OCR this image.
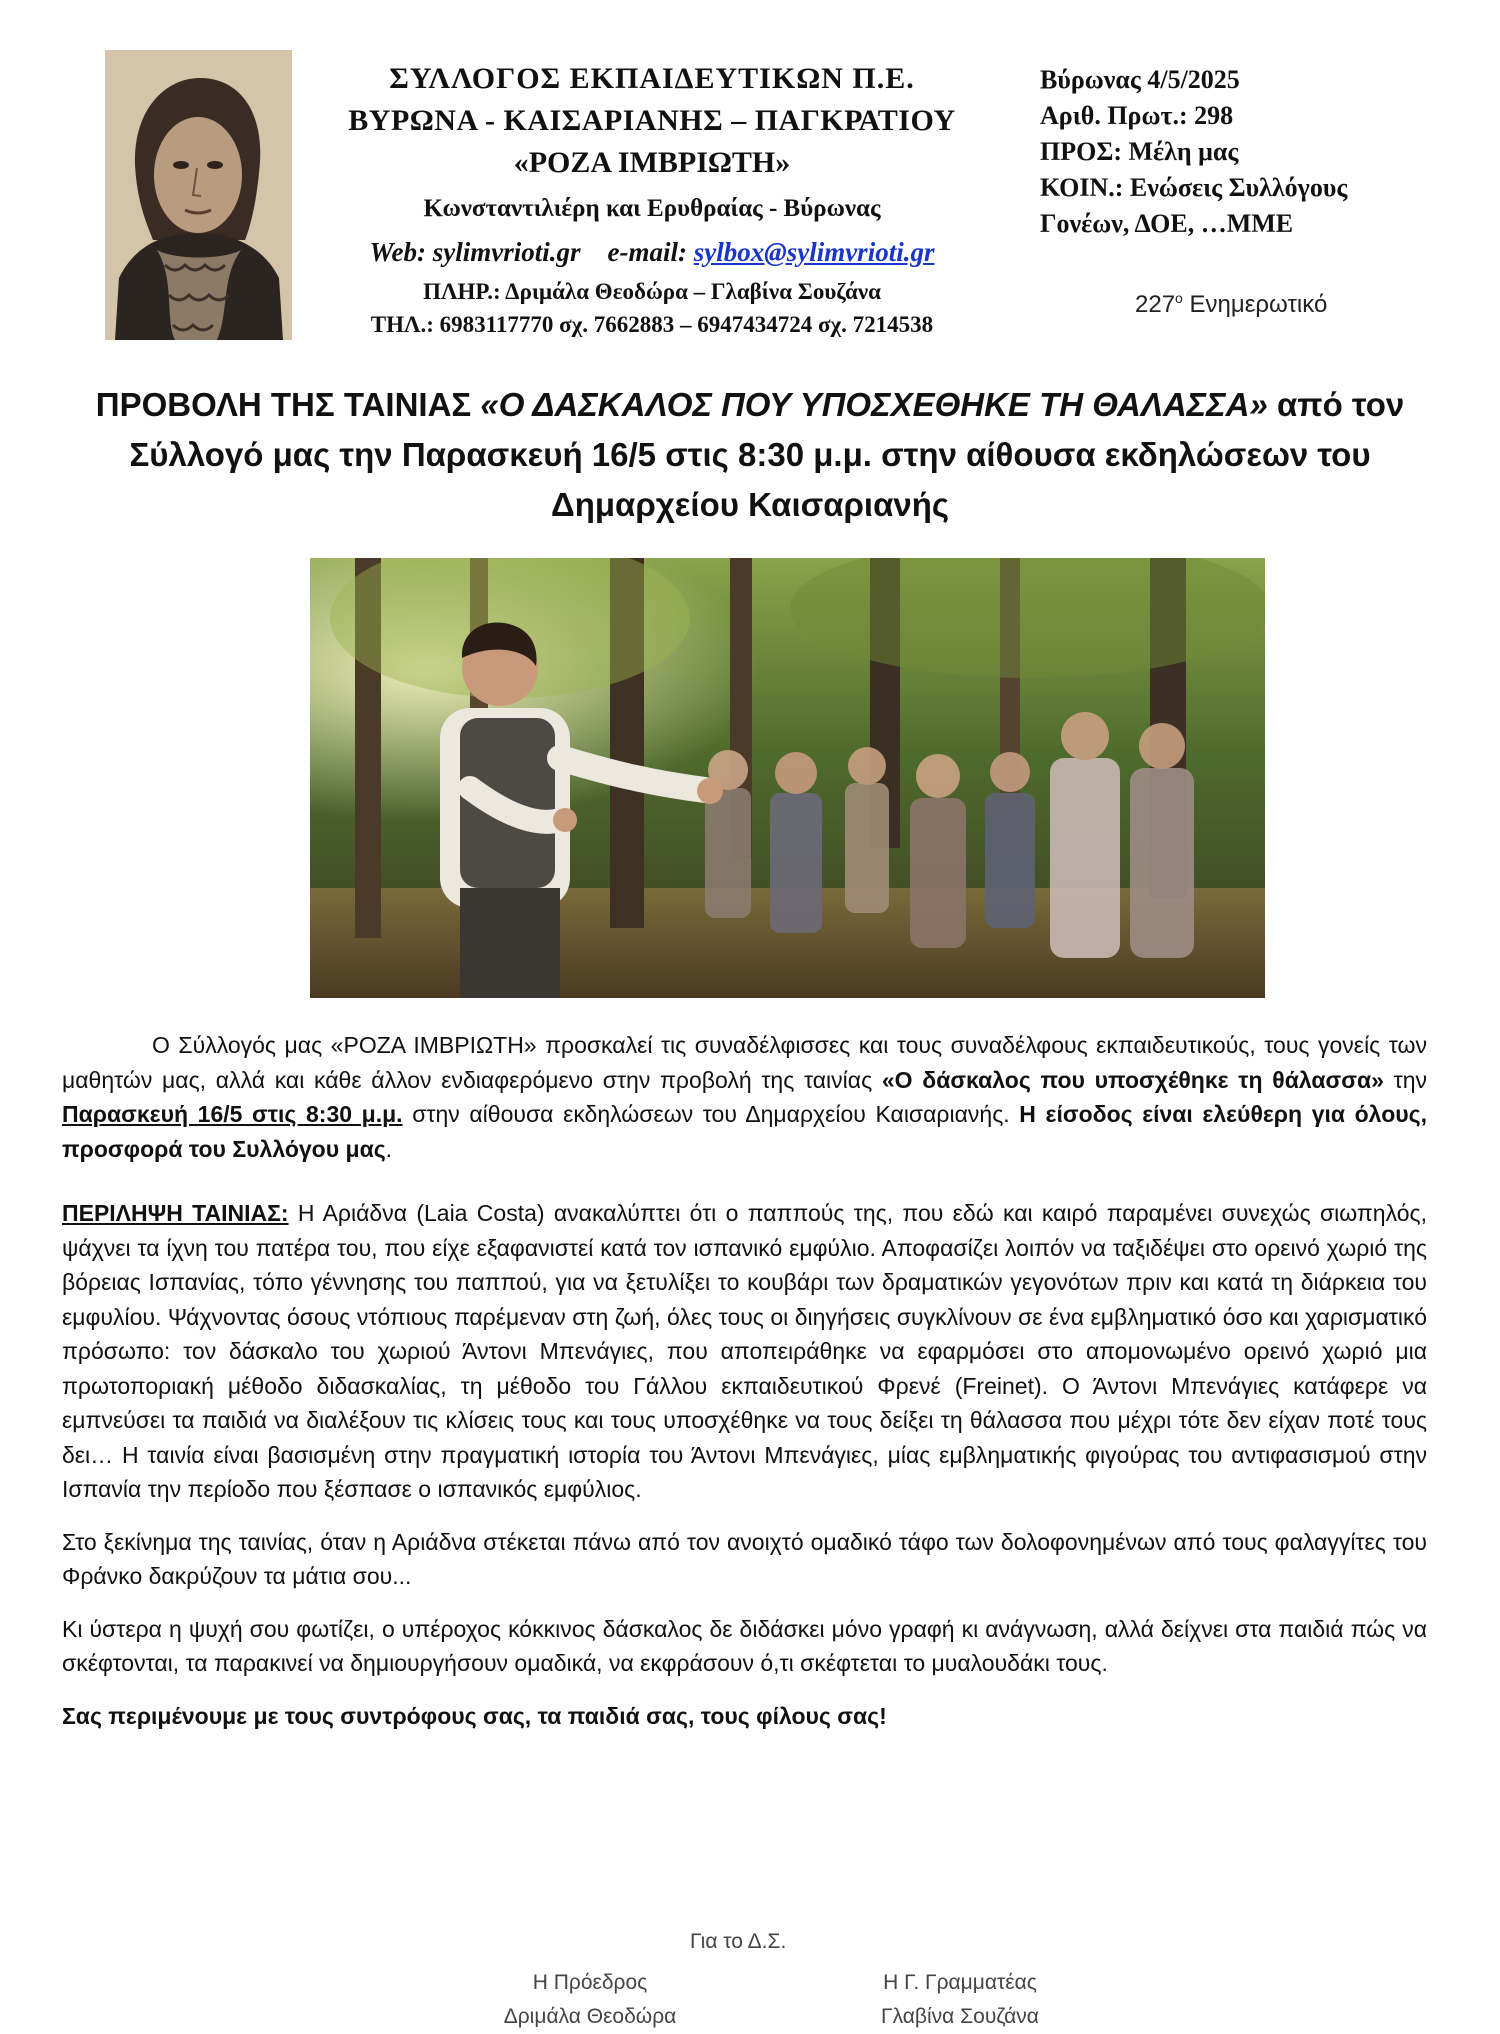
ΣΥΛΛΟΓΟΣ ΕΚΠΑΙΔΕΥΤΙΚΩΝ Π.Ε.
ΒΥΡΩΝΑ - ΚΑΙΣΑΡΙΑΝΗΣ – ΠΑΓΚΡΑΤΙΟΥ
«ΡΟΖΑ ΙΜΒΡΙΩΤΗ»
Κωνσταντιλιέρη και Ερυθραίας - Βύρωνας
Web: sylimvrioti.gr e-mail: sylbox@sylimvrioti.gr
ΠΛΗΡ.: Δριμάλα Θεοδώρα – Γλαβίνα Σουζάνα
ΤΗΛ.: 6983117770 σχ. 7662883 – 6947434724 σχ. 7214538
Βύρωνας 4/5/2025
Αριθ. Πρωτ.: 298
ΠΡΟΣ: Μέλη μας
ΚΟΙΝ.: Ενώσεις Συλλόγους
Γονέων, ΔΟΕ, …ΜΜΕ
$227^o$ Ενημερωτικό
ΠΡΟΒΟΛΗ ΤΗΣ ΤΑΙΝΙΑΣ «Ο ΔΑΣΚΑΛΟΣ ΠΟΥ ΥΠΟΣΧΕΘΗΚΕ ΤΗ ΘΑΛΑΣΣΑ» από τον Σύλλογό μας την Παρασκευή 16/5 στις 8:30 μ.μ. στην αίθουσα εκδηλώσεων του Δημαρχείου Καισαριανής

Ο Σύλλογός μας «ΡΟΖΑ ΙΜΒΡΙΩΤΗ» προσκαλεί τις συναδέλφισσες και τους συναδέλφους εκπαιδευτικούς, τους γονείς των μαθητών μας, αλλά και κάθε άλλον ενδιαφερόμενο στην προβολή της ταινίας «Ο δάσκαλος που υποσχέθηκε τη θάλασσα» την Παρασκευή 16/5 στις 8:30 μ.μ. στην αίθουσα εκδηλώσεων του Δημαρχείου Καισαριανής. Η είσοδος είναι ελεύθερη για όλους, προσφορά του Συλλόγου μας.

ΠΕΡΙΛΗΨΗ ΤΑΙΝΙΑΣ: Η Αριάδνα (Laia Costa) ανακαλύπτει ότι ο παππούς της, που εδώ και καιρό παραμένει συνεχώς σιωπηλός, ψάχνει τα ίχνη του πατέρα του, που είχε εξαφανιστεί κατά τον ισπανικό εμφύλιο. Αποφασίζει λοιπόν να ταξιδέψει στο ορεινό χωριό της βόρειας Ισπανίας, τόπο γέννησης του παππού, για να ξετυλίξει το κουβάρι των δραματικών γεγονότων πριν και κατά τη διάρκεια του εμφυλίου. Ψάχνοντας όσους ντόπιους παρέμεναν στη ζωή, όλες τους οι διηγήσεις συγκλίνουν σε ένα εμβληματικό όσο και χαρισματικό πρόσωπο: τον δάσκαλο του χωριού Άντονι Μπενάγιες, που αποπειράθηκε να εφαρμόσει στο απομονωμένο ορεινό χωριό μια πρωτοποριακή μέθοδο διδασκαλίας, τη μέθοδο του Γάλλου εκπαιδευτικού Φρενέ (Freinet). Ο Άντονι Μπενάγιες κατάφερε να εμπνεύσει τα παιδιά να διαλέξουν τις κλίσεις τους και τους υποσχέθηκε να τους δείξει τη θάλασσα που μέχρι τότε δεν είχαν ποτέ τους δει… Η ταινία είναι βασισμένη στην πραγματική ιστορία του Άντονι Μπενάγιες, μίας εμβληματικής φιγούρας του αντιφασισμού στην Ισπανία την περίοδο που ξέσπασε ο ισπανικός εμφύλιος.

Στο ξεκίνημα της ταινίας, όταν η Αριάδνα στέκεται πάνω από τον ανοιχτό ομαδικό τάφο των δολοφονημένων από τους φαλαγγίτες του Φράνκο δακρύζουν τα μάτια σου...

Κι ύστερα η ψυχή σου φωτίζει, ο υπέροχος κόκκινος δάσκαλος δε διδάσκει μόνο γραφή κι ανάγνωση, αλλά δείχνει στα παιδιά πώς να σκέφτονται, τα παρακινεί να δημιουργήσουν ομαδικά, να εκφράσουν ό,τι σκέφτεται το μυαλουδάκι τους.

Σας περιμένουμε με τους συντρόφους σας, τα παιδιά σας, τους φίλους σας!

Για το Δ.Σ.
Η Πρόεδρος
Δριμάλα Θεοδώρα
Η Γ. Γραμματέας
Γλαβίνα Σουζάνα
